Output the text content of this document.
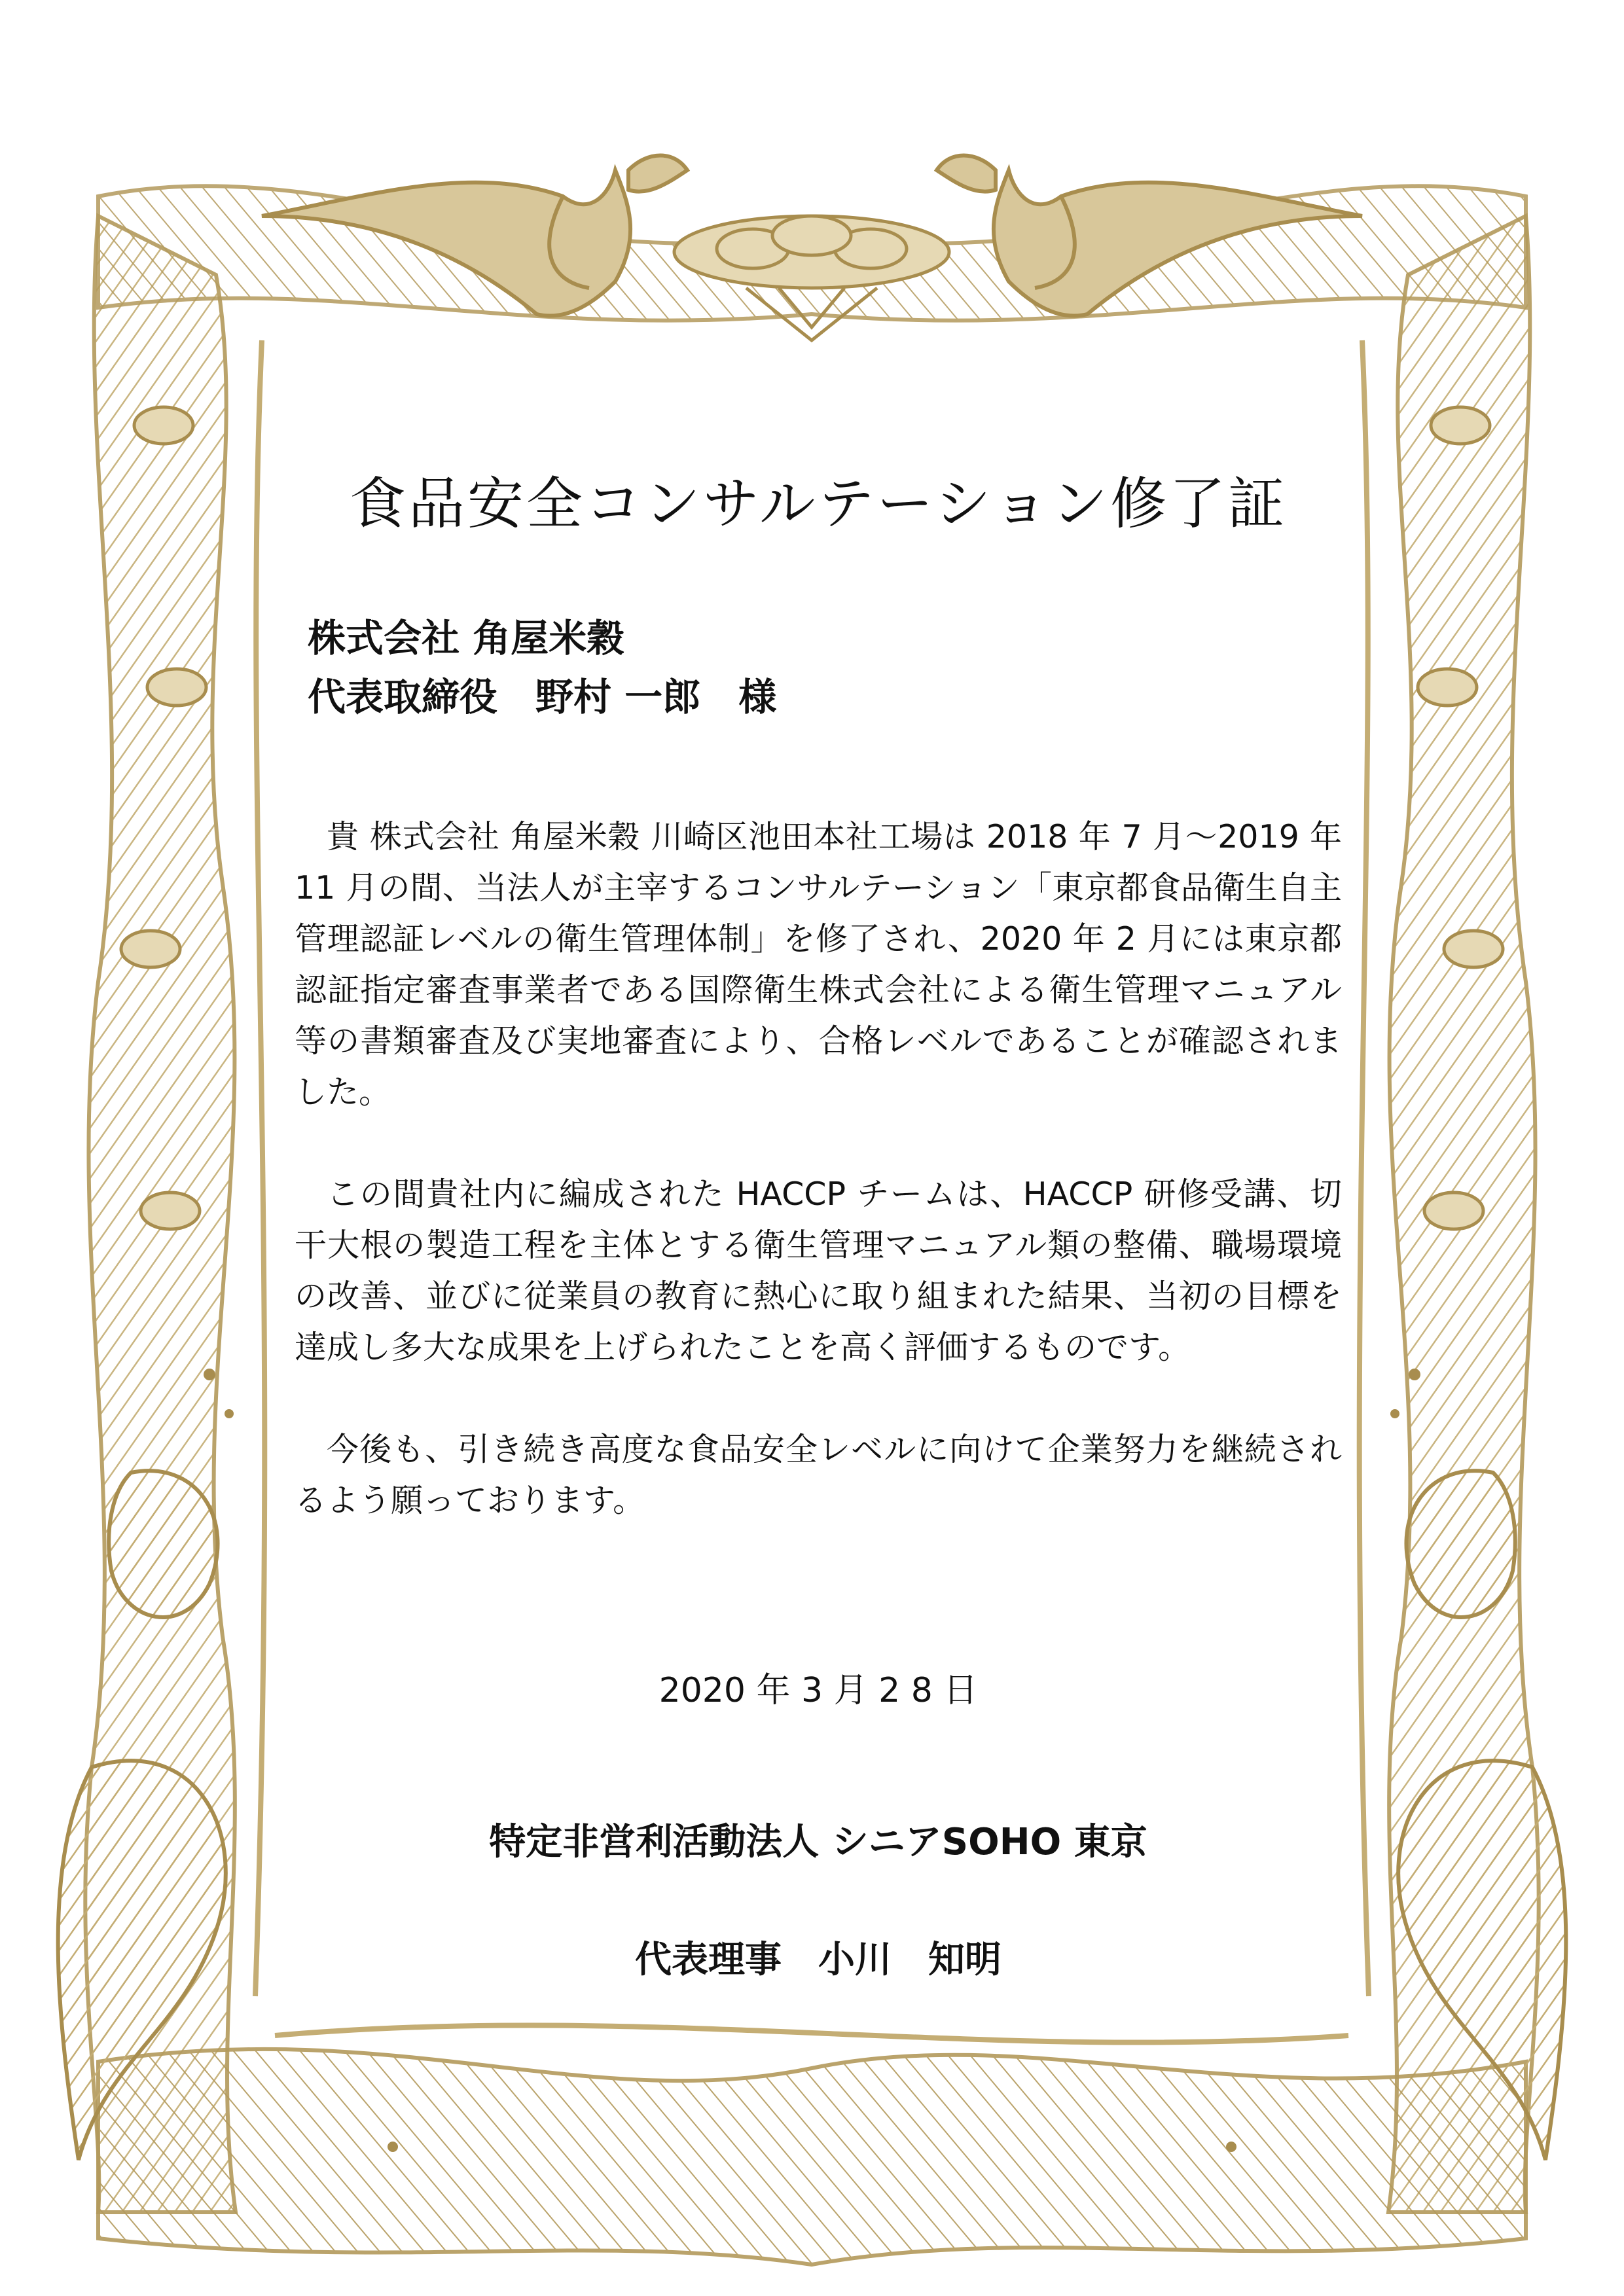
食品安全コンサルテーション修了証
株式会社 角屋米穀
代表取締役　野村 一郎　様

貴 株式会社 角屋米穀 川崎区池田本社工場は 2018 年 7 月～2019 年 11 月の間、当法人が主宰するコンサルテーション「東京都食品衛生自主管理認証レベルの衛生管理体制」を修了され、2020 年 2 月には東京都認証指定審査事業者である国際衛生株式会社による衛生管理マニュアル等の書類審査及び実地審査により、合格レベルであることが確認されました。

この間貴社内に編成された HACCP チームは、HACCP 研修受講、切干大根の製造工程を主体とする衛生管理マニュアル類の整備、職場環境の改善、並びに従業員の教育に熱心に取り組まれた結果、当初の目標を達成し多大な成果を上げられたことを高く評価するものです。

今後も、引き続き高度な食品安全レベルに向けて企業努力を継続されるよう願っております。

2020 年 3 月 2 8 日
特定非営利活動法人 シニアSOHO 東京
代表理事　小川　知明
